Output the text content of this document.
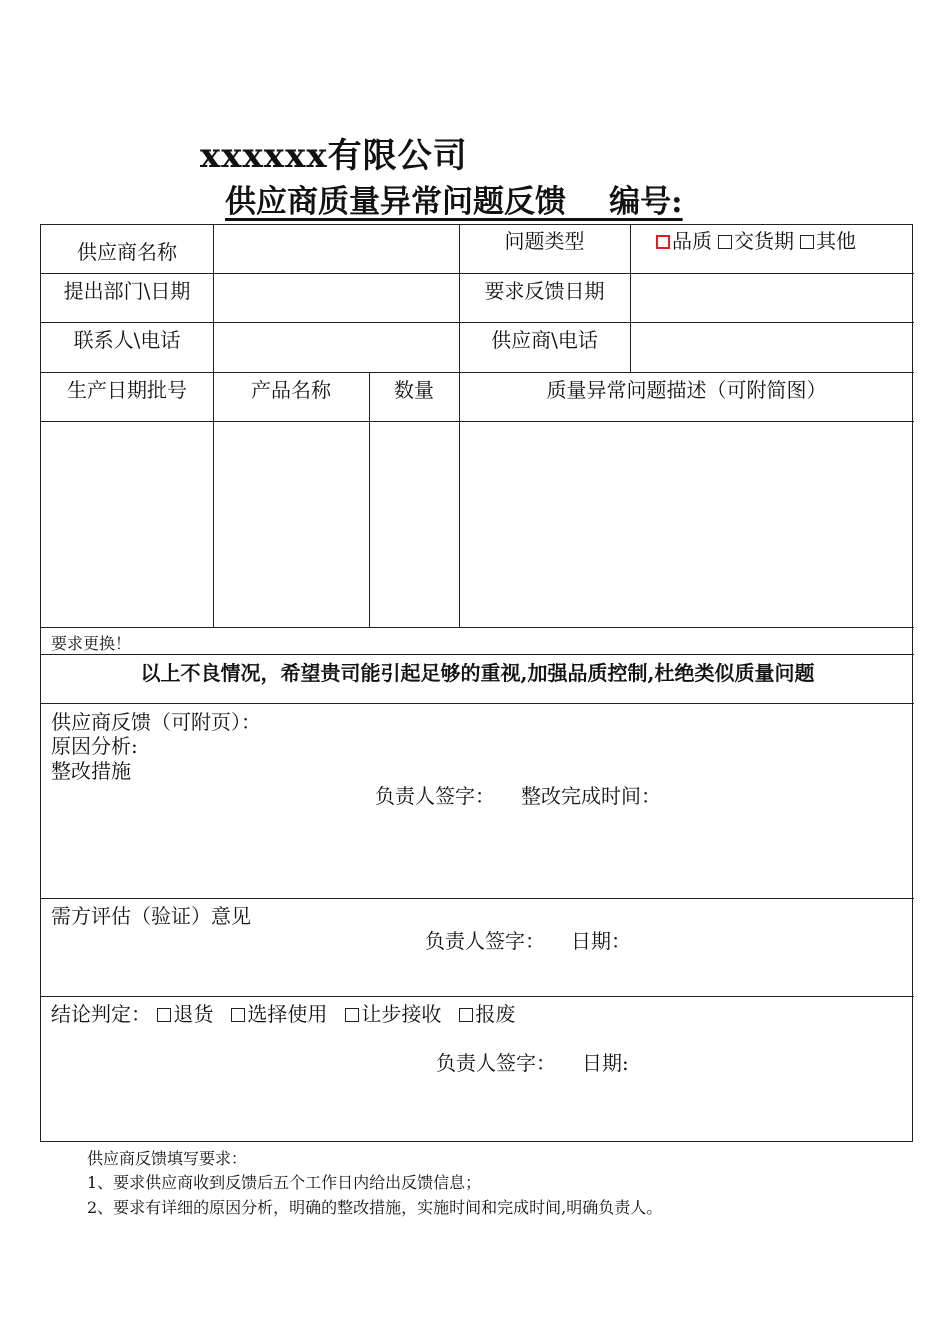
xxxxxx有限公司
供应商质量异常问题反馈    编号:
供应商名称	问题类型	品质 交货期 其他
提出部门\日期	要求反馈日期
联系人\电话	供应商\电话
生产日期批号	产品名称	数量	质量异常问题描述（可附简图）
要求更换！
以上不良情况，希望贵司能引起足够的重视,加强品质控制,杜绝类似质量问题
供应商反馈（可附页）：
原因分析:
整改措施
负责人签字： 整改完成时间：
需方评估（验证）意见
负责人签字： 日期：
结论判定： 退货 选择使用 让步接收 报废
负责人签字： 日期:
供应商反馈填写要求：
1、要求供应商收到反馈后五个工作日内给出反馈信息；
2、要求有详细的原因分析，明确的整改措施，实施时间和完成时间,明确负责人。
